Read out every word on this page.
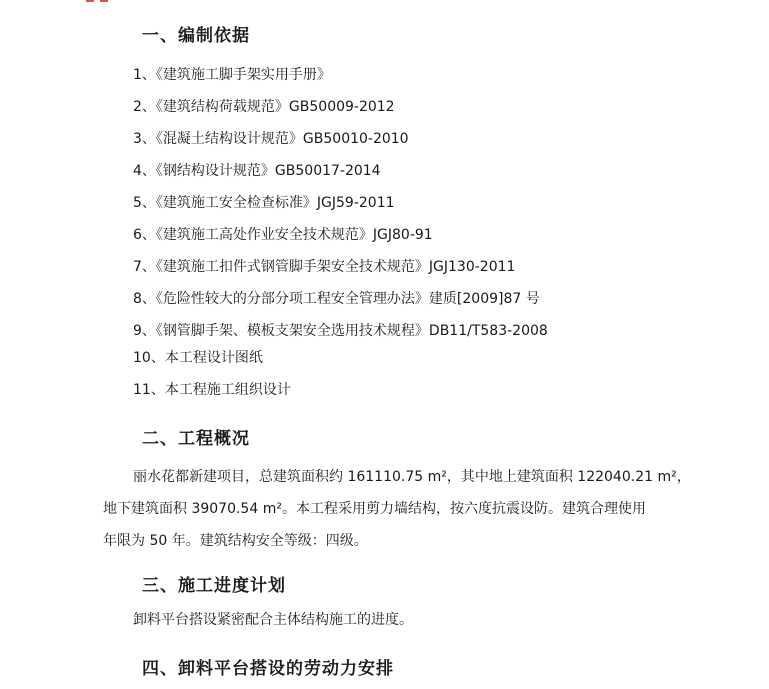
一、编制依据
1、《建筑施工脚手架实用手册》
2、《建筑结构荷载规范》GB50009-2012
3、《混凝土结构设计规范》GB50010-2010
4、《钢结构设计规范》GB50017-2014
5、《建筑施工安全检查标准》JGJ59-2011
6、《建筑施工高处作业安全技术规范》JGJ80-91
7、《建筑施工扣件式钢管脚手架安全技术规范》JGJ130-2011
8、《危险性较大的分部分项工程安全管理办法》建质[2009]87 号
9、《钢管脚手架、模板支架安全选用技术规程》DB11/T583-2008
10、本工程设计图纸
11、本工程施工组织设计
二、工程概况
丽水花都新建项目，总建筑面积约 161110.75 m²，其中地上建筑面积 122040.21 m²，
地下建筑面积 39070.54 m²。本工程采用剪力墙结构，按六度抗震设防。建筑合理使用
年限为 50 年。建筑结构安全等级：四级。
三、施工进度计划
卸料平台搭设紧密配合主体结构施工的进度。
四、卸料平台搭设的劳动力安排
